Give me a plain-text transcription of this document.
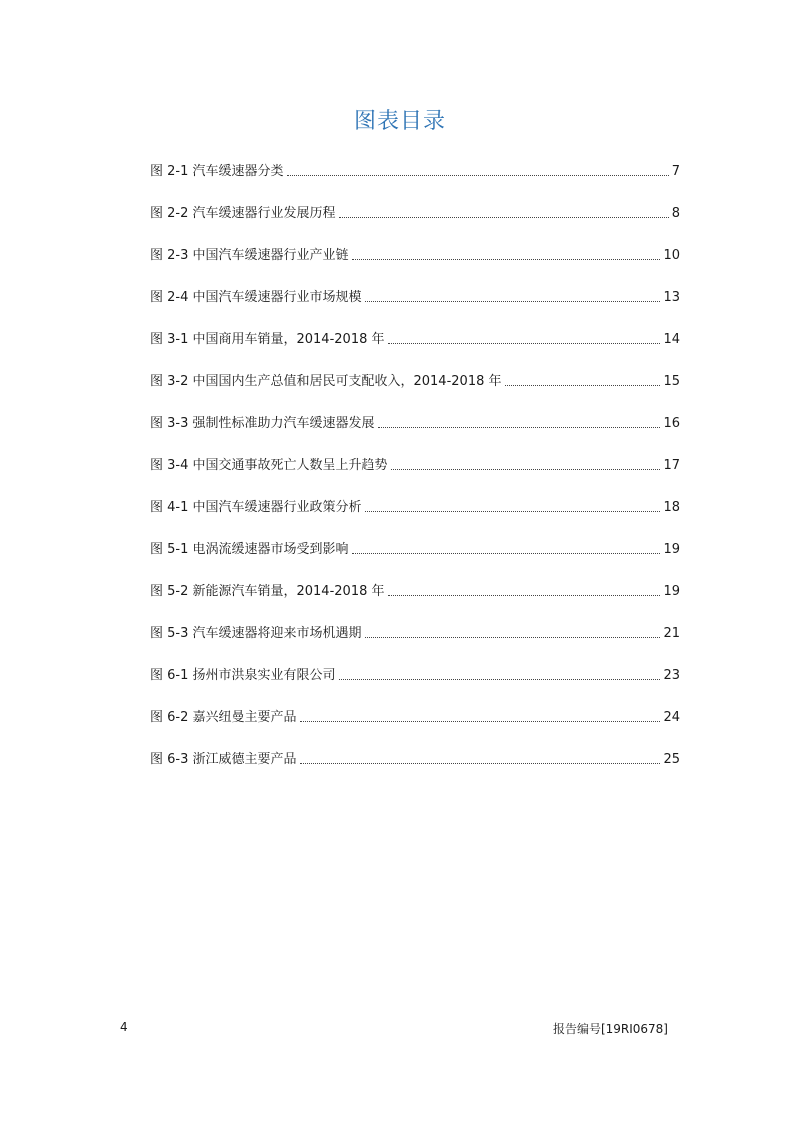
图表目录
图 2-1 汽车缓速器分类	7
图 2-2 汽车缓速器行业发展历程	8
图 2-3 中国汽车缓速器行业产业链	10
图 2-4 中国汽车缓速器行业市场规模	13
图 3-1 中国商用车销量，2014-2018 年	14
图 3-2 中国国内生产总值和居民可支配收入，2014-2018 年	15
图 3-3 强制性标准助力汽车缓速器发展	16
图 3-4 中国交通事故死亡人数呈上升趋势	17
图 4-1 中国汽车缓速器行业政策分析	18
图 5-1 电涡流缓速器市场受到影响	19
图 5-2 新能源汽车销量，2014-2018 年	19
图 5-3 汽车缓速器将迎来市场机遇期	21
图 6-1 扬州市洪泉实业有限公司	23
图 6-2 嘉兴纽曼主要产品	24
图 6-3 浙江威德主要产品	25
4	报告编号[19RI0678]
